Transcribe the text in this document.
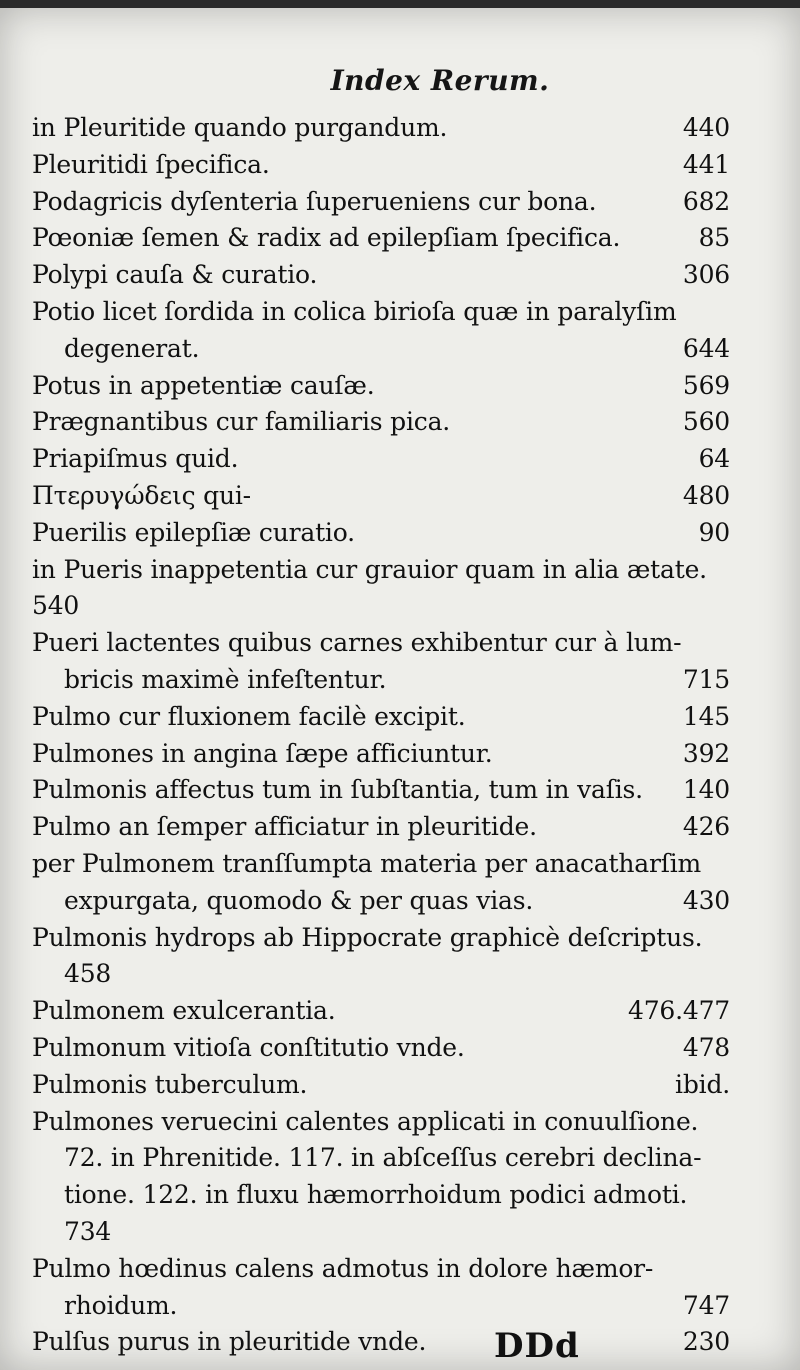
Index Rerum.
in Pleuritide quando purgandum.	440
Pleuritidi ſpecifica.	441
Podagricis dyſenteria ſuperueniens cur bona.	682
Pœoniæ ſemen & radix ad epilepſiam ſpecifica.	85
Polypi cauſa & curatio.	306
Potio licet ſordida in colica birioſa quæ in paralyſim
degenerat.	644
Potus in appetentiæ cauſæ.	569
Prægnantibus cur familiaris pica.	560
Priapiſmus quid.	64
Πτερυγώδεις qui-	480
Puerilis epilepſiæ curatio.	90
in Pueris inappetentia cur grauior quam in alia ætate.
540
Pueri lactentes quibus carnes exhibentur cur à lum-
bricis maximè infeſtentur.	715
Pulmo cur fluxionem facilè excipit.	145
Pulmones in angina ſæpe afficiuntur.	392
Pulmonis affectus tum in ſubſtantia, tum in vaſis.	140
Pulmo an ſemper afficiatur in pleuritide.	426
per Pulmonem tranſſumpta materia per anacatharſim
expurgata, quomodo & per quas vias.	430
Pulmonis hydrops ab Hippocrate graphicè deſcriptus.
458
Pulmonem exulcerantia.	476.477
Pulmonum vitioſa conſtitutio vnde.	478
Pulmonis tuberculum.	ibid.
Pulmones veruecini calentes applicati in conuulſione.
72. in Phrenitide. 117. in abſceſſus cerebri declina-
tione. 122. in fluxu hæmorrhoidum podici admoti.
734
Pulmo hœdinus calens admotus in dolore hæmor-
rhoidum.	747
Pulſus purus in pleuritide vnde.	230
DDd
